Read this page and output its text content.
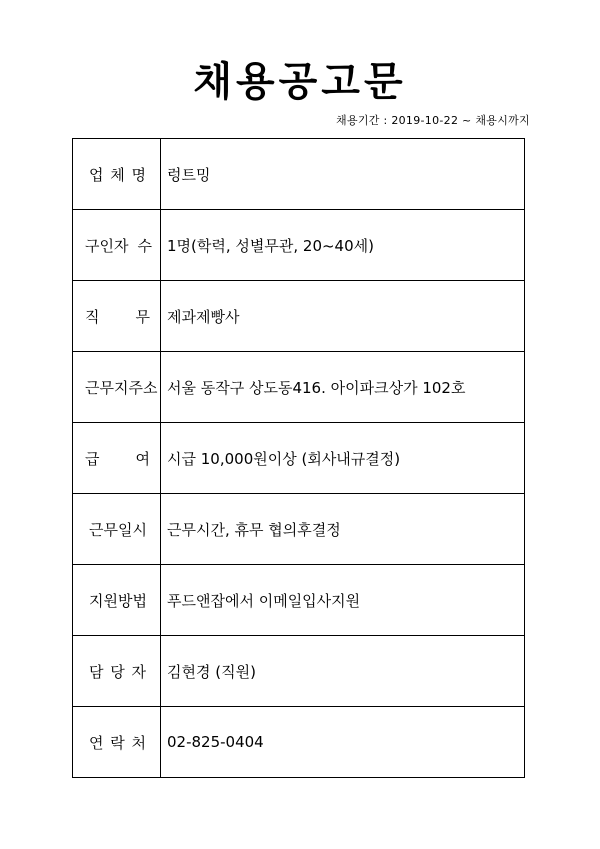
채용공고문
채용기간 : 2019-10-22 ~ 채용시까지
업 체 명	렁트밍

구인자 수	1명(학력, 성별무관, 20~40세)

직 무	제과제빵사

근무지 주소	서울 동작구 상도동416. 아이파크상가 102호

급 여	시급 10,000원이상 (회사내규결정)

근무 일시	근무시간, 휴무 협의후결정

지원 방법	푸드앤잡에서 이메일입사지원

담 당 자	김현경 (직원)

연 락 처	02-825-0404
